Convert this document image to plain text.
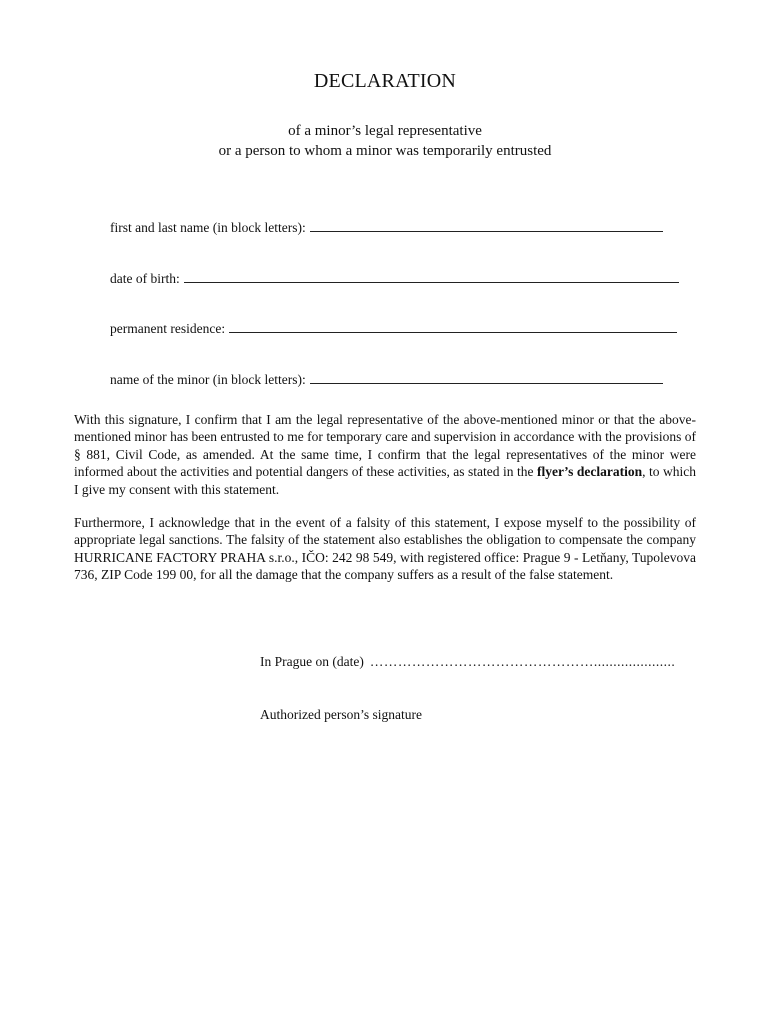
DECLARATION
of a minor’s legal representative
or a person to whom a minor was temporarily entrusted
first and last name (in block letters):
date of birth:
permanent residence:
name of the minor (in block letters):

With this signature, I confirm that I am the legal representative of the above-mentioned minor or that the above-mentioned minor has been entrusted to me for temporary care and supervision in accordance with the provisions of § 881, Civil Code, as amended. At the same time, I confirm that the legal representatives of the minor were informed about the activities and potential dangers of these activities, as stated in the flyer’s declaration, to which I give my consent with this statement.

Furthermore, I acknowledge that in the event of a falsity of this statement, I expose myself to the possibility of appropriate legal sanctions. The falsity of the statement also establishes the obligation to compensate the company HURRICANE FACTORY PRAHA s.r.o., IČO: 242 98 549, with registered office: Prague 9 - Letňany, Tupolevova 736, ZIP Code 199 00, for all the damage that the company suffers as a result of the false statement.

In Prague on (date) ………………………………………….....................
Authorized person’s signature
